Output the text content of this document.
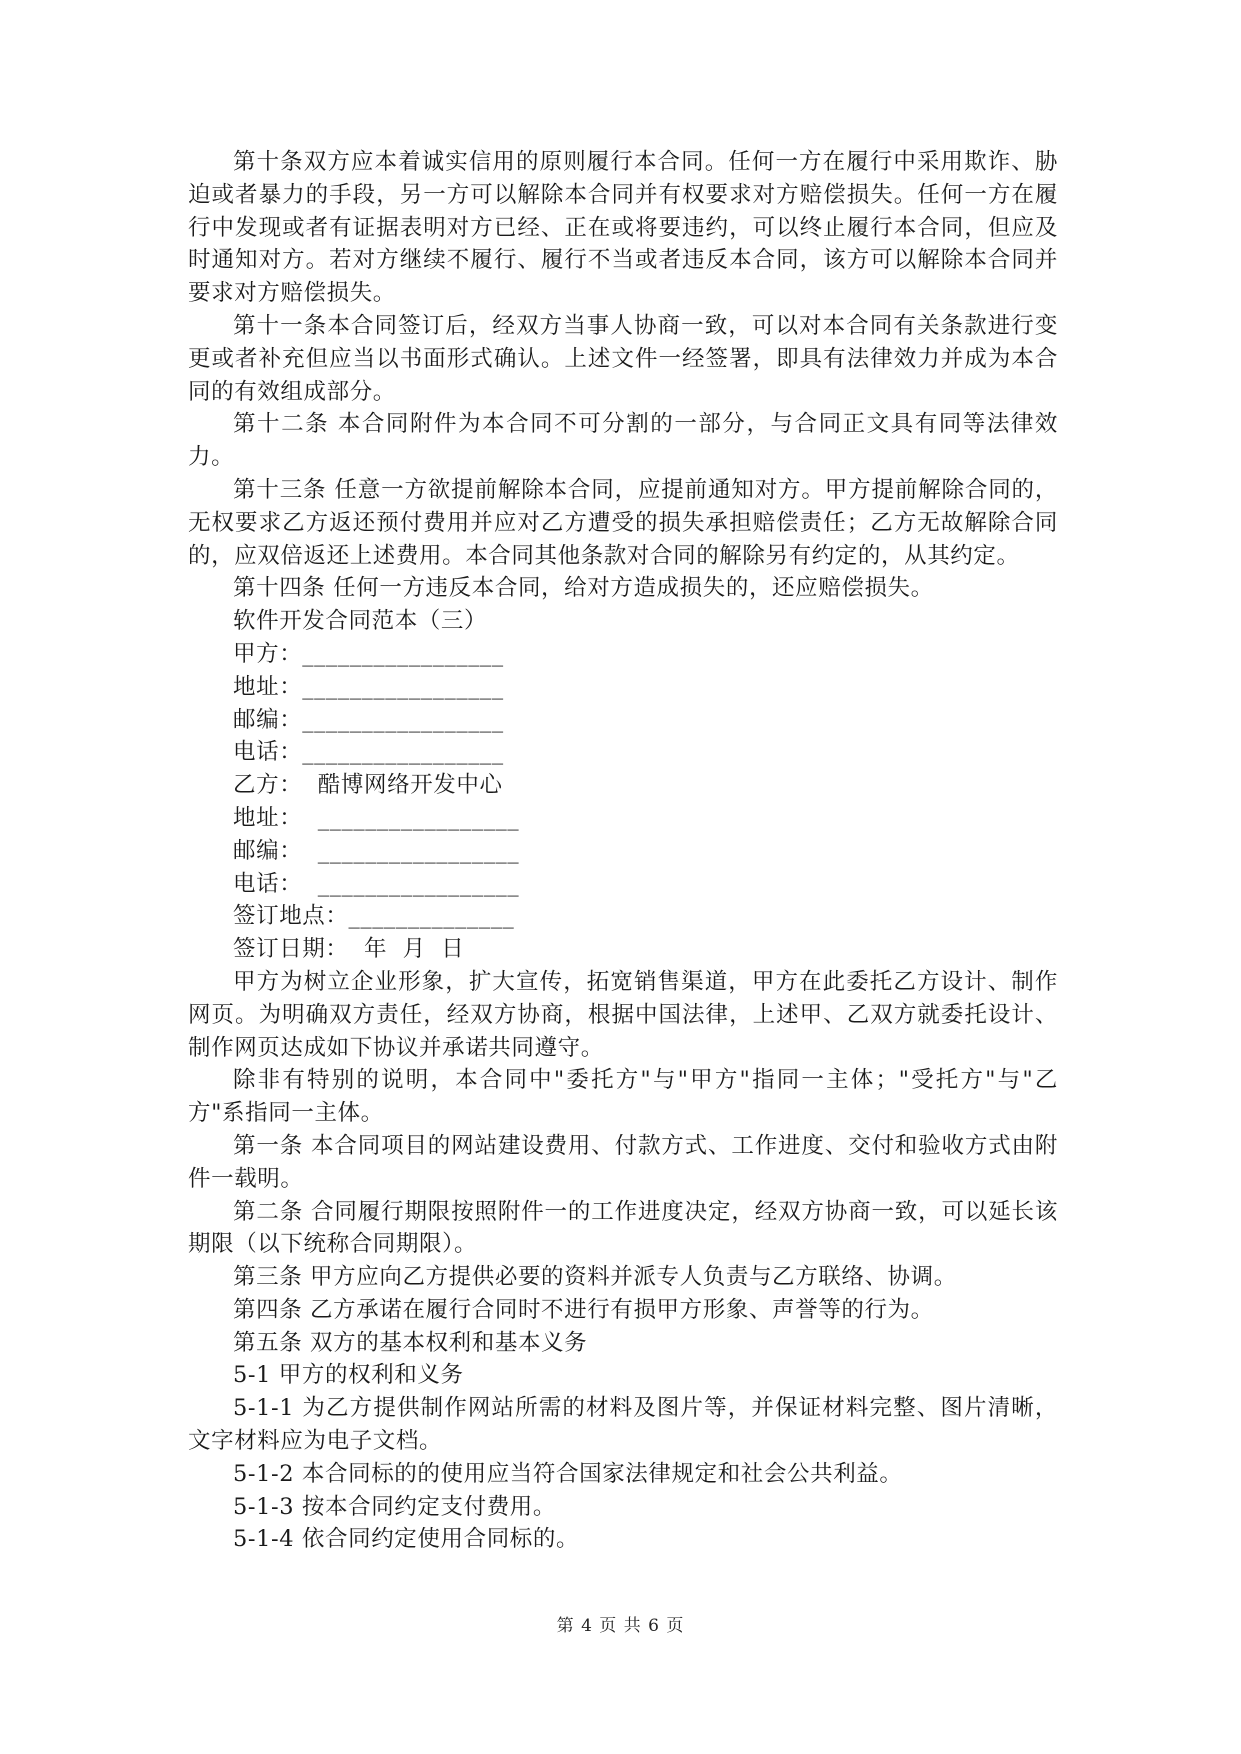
第十条双方应本着诚实信用的原则履行本合同。任何一方在履行中采用欺诈、胁迫或者暴力的手段，另一方可以解除本合同并有权要求对方赔偿损失。任何一方在履行中发现或者有证据表明对方已经、正在或将要违约，可以终止履行本合同，但应及时通知对方。若对方继续不履行、履行不当或者违反本合同，该方可以解除本合同并要求对方赔偿损失。

第十一条本合同签订后，经双方当事人协商一致，可以对本合同有关条款进行变更或者补充但应当以书面形式确认。上述文件一经签署，即具有法律效力并成为本合同的有效组成部分。

第十二条 本合同附件为本合同不可分割的一部分，与合同正文具有同等法律效力。

第十三条 任意一方欲提前解除本合同，应提前通知对方。甲方提前解除合同的，无权要求乙方返还预付费用并应对乙方遭受的损失承担赔偿责任；乙方无故解除合同的，应双倍返还上述费用。本合同其他条款对合同的解除另有约定的，从其约定。

第十四条 任何一方违反本合同，给对方造成损失的，还应赔偿损失。

软件开发合同范本（三）

甲方：_________________

地址：_________________

邮编：_________________

电话：_________________

乙方：  酷博网络开发中心

地址：  _________________

邮编：  _________________

电话：  _________________

签订地点：______________

签订日期：  年  月  日

甲方为树立企业形象，扩大宣传，拓宽销售渠道，甲方在此委托乙方设计、制作网页。为明确双方责任，经双方协商，根据中国法律，上述甲、乙双方就委托设计、制作网页达成如下协议并承诺共同遵守。

除非有特别的说明，本合同中"委托方"与"甲方"指同一主体；"受托方"与"乙方"系指同一主体。

第一条 本合同项目的网站建设费用、付款方式、工作进度、交付和验收方式由附件一载明。

第二条 合同履行期限按照附件一的工作进度决定，经双方协商一致，可以延长该期限（以下统称合同期限）。

第三条 甲方应向乙方提供必要的资料并派专人负责与乙方联络、协调。

第四条 乙方承诺在履行合同时不进行有损甲方形象、声誉等的行为。

第五条 双方的基本权利和基本义务

5-1 甲方的权利和义务

5-1-1 为乙方提供制作网站所需的材料及图片等，并保证材料完整、图片清晰，文字材料应为电子文档。

5-1-2 本合同标的的使用应当符合国家法律规定和社会公共利益。

5-1-3 按本合同约定支付费用。

5-1-4 依合同约定使用合同标的。

第 4 页 共 6 页
